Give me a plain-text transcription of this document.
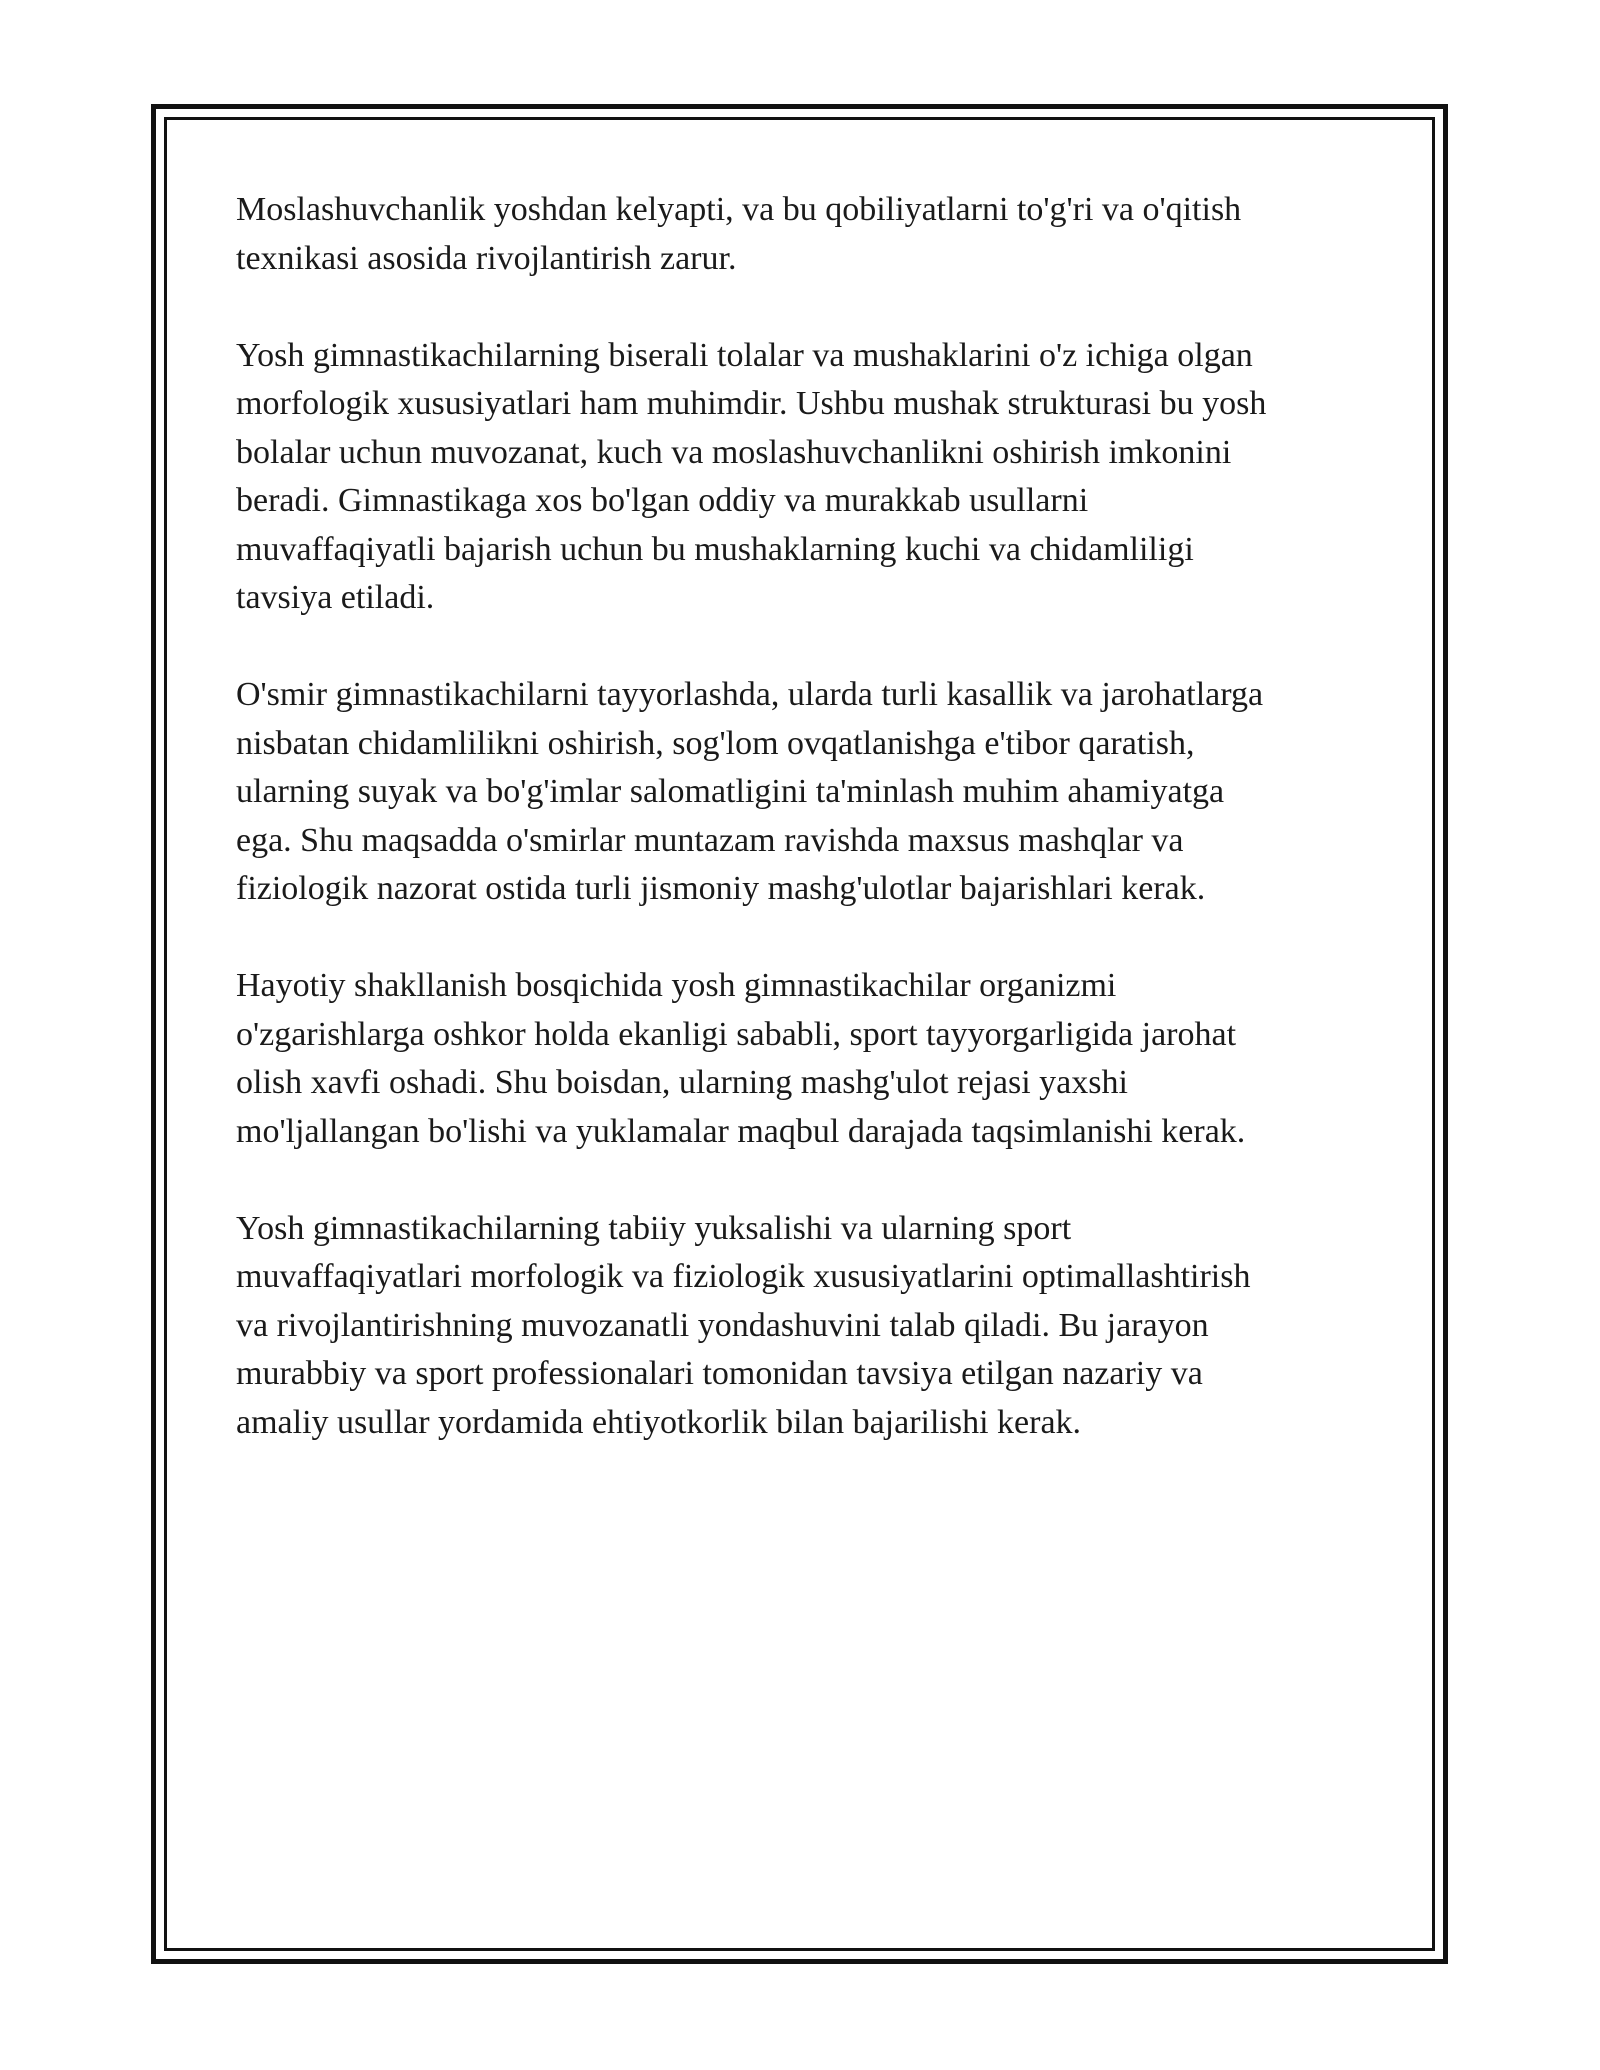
Moslashuvchanlik yoshdan kelyapti, va bu qobiliyatlarni to'g'ri va o'qitish
texnikasi asosida rivojlantirish zarur.

Yosh gimnastikachilarning biserali tolalar va mushaklarini o'z ichiga olgan
morfologik xususiyatlari ham muhimdir. Ushbu mushak strukturasi bu yosh
bolalar uchun muvozanat, kuch va moslashuvchanlikni oshirish imkonini
beradi. Gimnastikaga xos bo'lgan oddiy va murakkab usullarni
muvaffaqiyatli bajarish uchun bu mushaklarning kuchi va chidamliligi
tavsiya etiladi.

O'smir gimnastikachilarni tayyorlashda, ularda turli kasallik va jarohatlarga
nisbatan chidamlilikni oshirish, sog'lom ovqatlanishga e'tibor qaratish,
ularning suyak va bo'g'imlar salomatligini ta'minlash muhim ahamiyatga
ega. Shu maqsadda o'smirlar muntazam ravishda maxsus mashqlar va
fiziologik nazorat ostida turli jismoniy mashg'ulotlar bajarishlari kerak.

Hayotiy shakllanish bosqichida yosh gimnastikachilar organizmi
o'zgarishlarga oshkor holda ekanligi sababli, sport tayyorgarligida jarohat
olish xavfi oshadi. Shu boisdan, ularning mashg'ulot rejasi yaxshi
mo'ljallangan bo'lishi va yuklamalar maqbul darajada taqsimlanishi kerak.

Yosh gimnastikachilarning tabiiy yuksalishi va ularning sport
muvaffaqiyatlari morfologik va fiziologik xususiyatlarini optimallashtirish
va rivojlantirishning muvozanatli yondashuvini talab qiladi. Bu jarayon
murabbiy va sport professionalari tomonidan tavsiya etilgan nazariy va
amaliy usullar yordamida ehtiyotkorlik bilan bajarilishi kerak.
